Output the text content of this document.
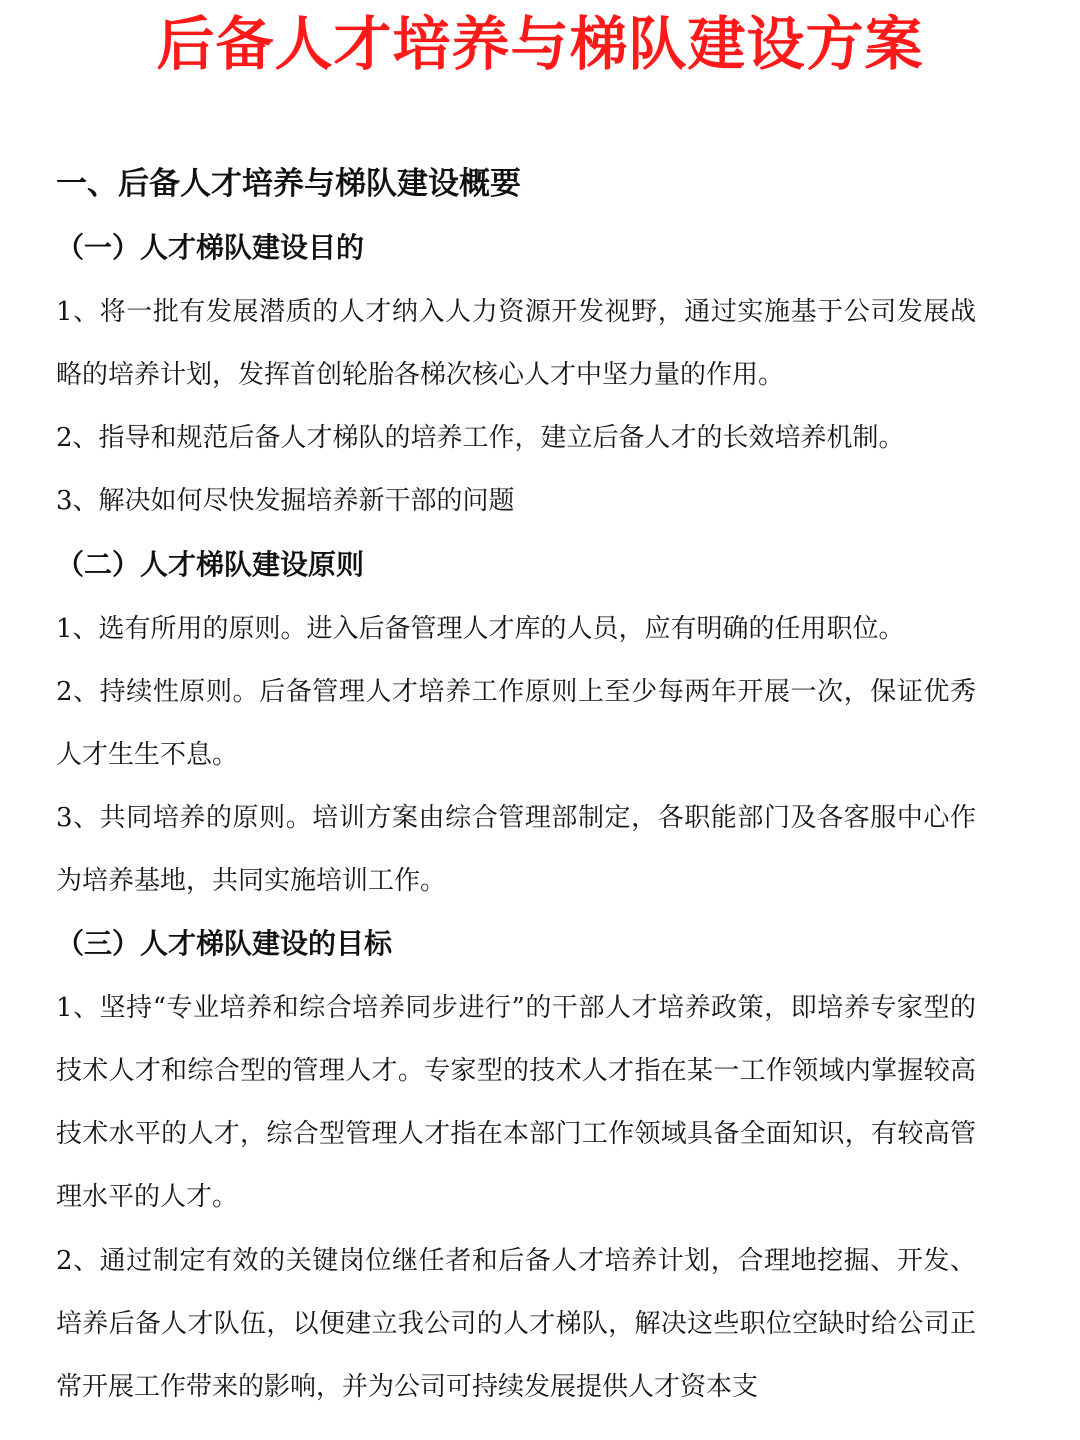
后备人才培养与梯队建设方案
一、后备人才培养与梯队建设概要
（一）人才梯队建设目的

1、将一批有发展潜质的人才纳入人力资源开发视野，通过实施基于公司发展战略的培养计划，发挥首创轮胎各梯次核心人才中坚力量的作用。

2、指导和规范后备人才梯队的培养工作，建立后备人才的长效培养机制。

3、解决如何尽快发掘培养新干部的问题

（二）人才梯队建设原则

1、选有所用的原则。进入后备管理人才库的人员，应有明确的任用职位。

2、持续性原则。后备管理人才培养工作原则上至少每两年开展一次，保证优秀人才生生不息。

3、共同培养的原则。培训方案由综合管理部制定，各职能部门及各客服中心作为培养基地，共同实施培训工作。

（三）人才梯队建设的目标

1、坚持“专业培养和综合培养同步进行”的干部人才培养政策，即培养专家型的技术人才和综合型的管理人才。专家型的技术人才指在某一工作领域内掌握较高技术水平的人才，综合型管理人才指在本部门工作领域具备全面知识，有较高管理水平的人才。

2、通过制定有效的关键岗位继任者和后备人才培养计划，合理地挖掘、开发、培养后备人才队伍，以便建立我公司的人才梯队，解决这些职位空缺时给公司正常开展工作带来的影响，并为公司可持续发展提供人才资本支
